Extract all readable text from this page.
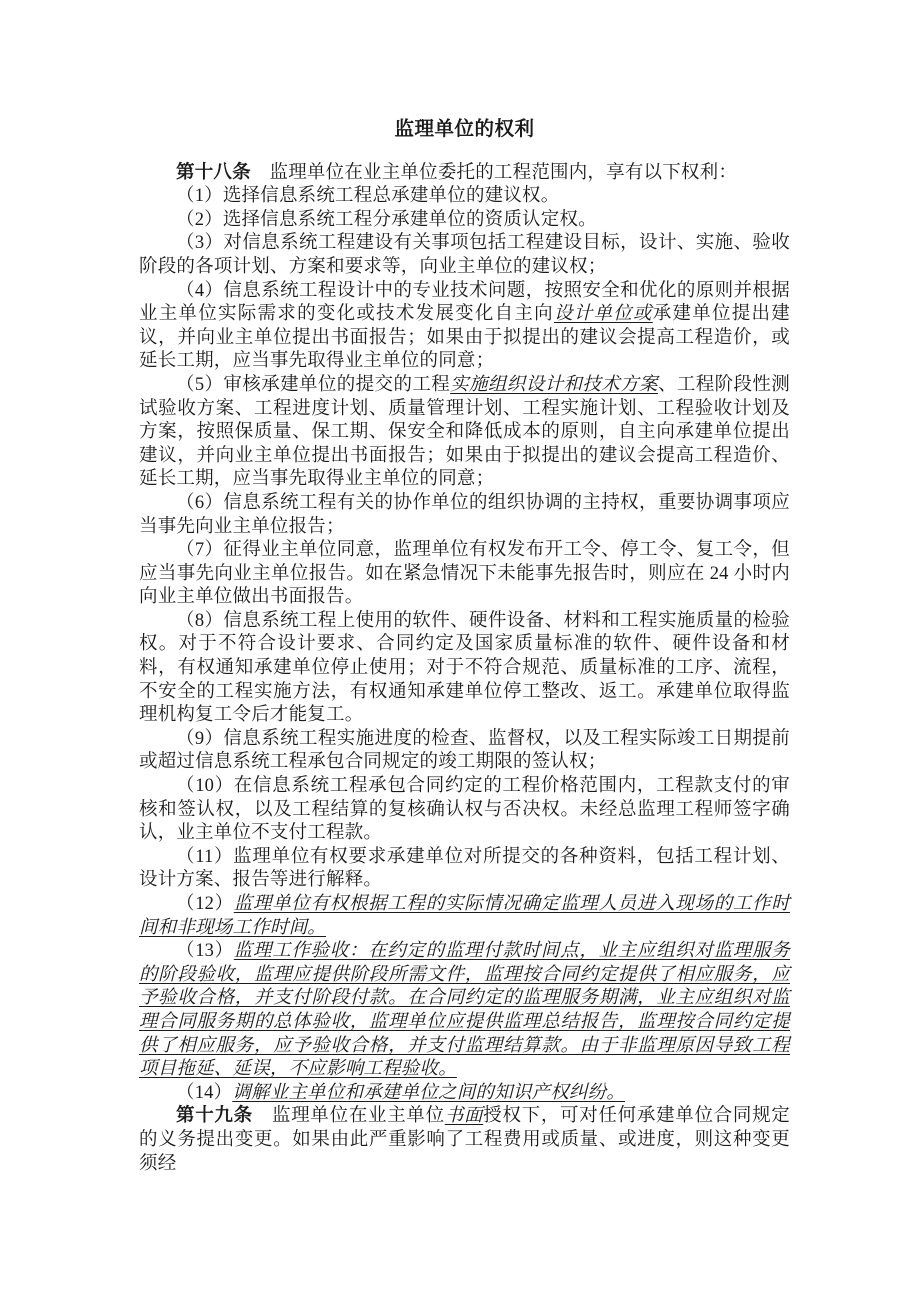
监理单位的权利

第十八条　监理单位在业主单位委托的工程范围内，享有以下权利：

（1）选择信息系统工程总承建单位的建议权。

（2）选择信息系统工程分承建单位的资质认定权。

（3）对信息系统工程建设有关事项包括工程建设目标，设计、实施、验收阶段的各项计划、方案和要求等，向业主单位的建议权；

（4）信息系统工程设计中的专业技术问题，按照安全和优化的原则并根据业主单位实际需求的变化或技术发展变化自主向设计单位或承建单位提出建议，并向业主单位提出书面报告；如果由于拟提出的建议会提高工程造价，或延长工期，应当事先取得业主单位的同意；

（5）审核承建单位的提交的工程实施组织设计和技术方案、工程阶段性测试验收方案、工程进度计划、质量管理计划、工程实施计划、工程验收计划及方案，按照保质量、保工期、保安全和降低成本的原则，自主向承建单位提出建议，并向业主单位提出书面报告；如果由于拟提出的建议会提高工程造价、延长工期，应当事先取得业主单位的同意；

（6）信息系统工程有关的协作单位的组织协调的主持权，重要协调事项应当事先向业主单位报告；

（7）征得业主单位同意，监理单位有权发布开工令、停工令、复工令，但应当事先向业主单位报告。如在紧急情况下未能事先报告时，则应在 24 小时内向业主单位做出书面报告。

（8）信息系统工程上使用的软件、硬件设备、材料和工程实施质量的检验权。对于不符合设计要求、合同约定及国家质量标准的软件、硬件设备和材料，有权通知承建单位停止使用；对于不符合规范、质量标准的工序、流程，不安全的工程实施方法，有权通知承建单位停工整改、返工。承建单位取得监理机构复工令后才能复工。

（9）信息系统工程实施进度的检查、监督权，以及工程实际竣工日期提前或超过信息系统工程承包合同规定的竣工期限的签认权；

（10）在信息系统工程承包合同约定的工程价格范围内，工程款支付的审核和签认权，以及工程结算的复核确认权与否决权。未经总监理工程师签字确认，业主单位不支付工程款。

（11）监理单位有权要求承建单位对所提交的各种资料，包括工程计划、设计方案、报告等进行解释。

（12）监理单位有权根据工程的实际情况确定监理人员进入现场的工作时间和非现场工作时间。

（13）监理工作验收：在约定的监理付款时间点，业主应组织对监理服务的阶段验收，监理应提供阶段所需文件，监理按合同约定提供了相应服务，应予验收合格，并支付阶段付款。在合同约定的监理服务期满，业主应组织对监理合同服务期的总体验收，监理单位应提供监理总结报告，监理按合同约定提供了相应服务，应予验收合格，并支付监理结算款。由于非监理原因导致工程项目拖延、延误，不应影响工程验收。

（14）调解业主单位和承建单位之间的知识产权纠纷。

第十九条　监理单位在业主单位书面授权下，可对任何承建单位合同规定的义务提出变更。如果由此严重影响了工程费用或质量、或进度，则这种变更须经
